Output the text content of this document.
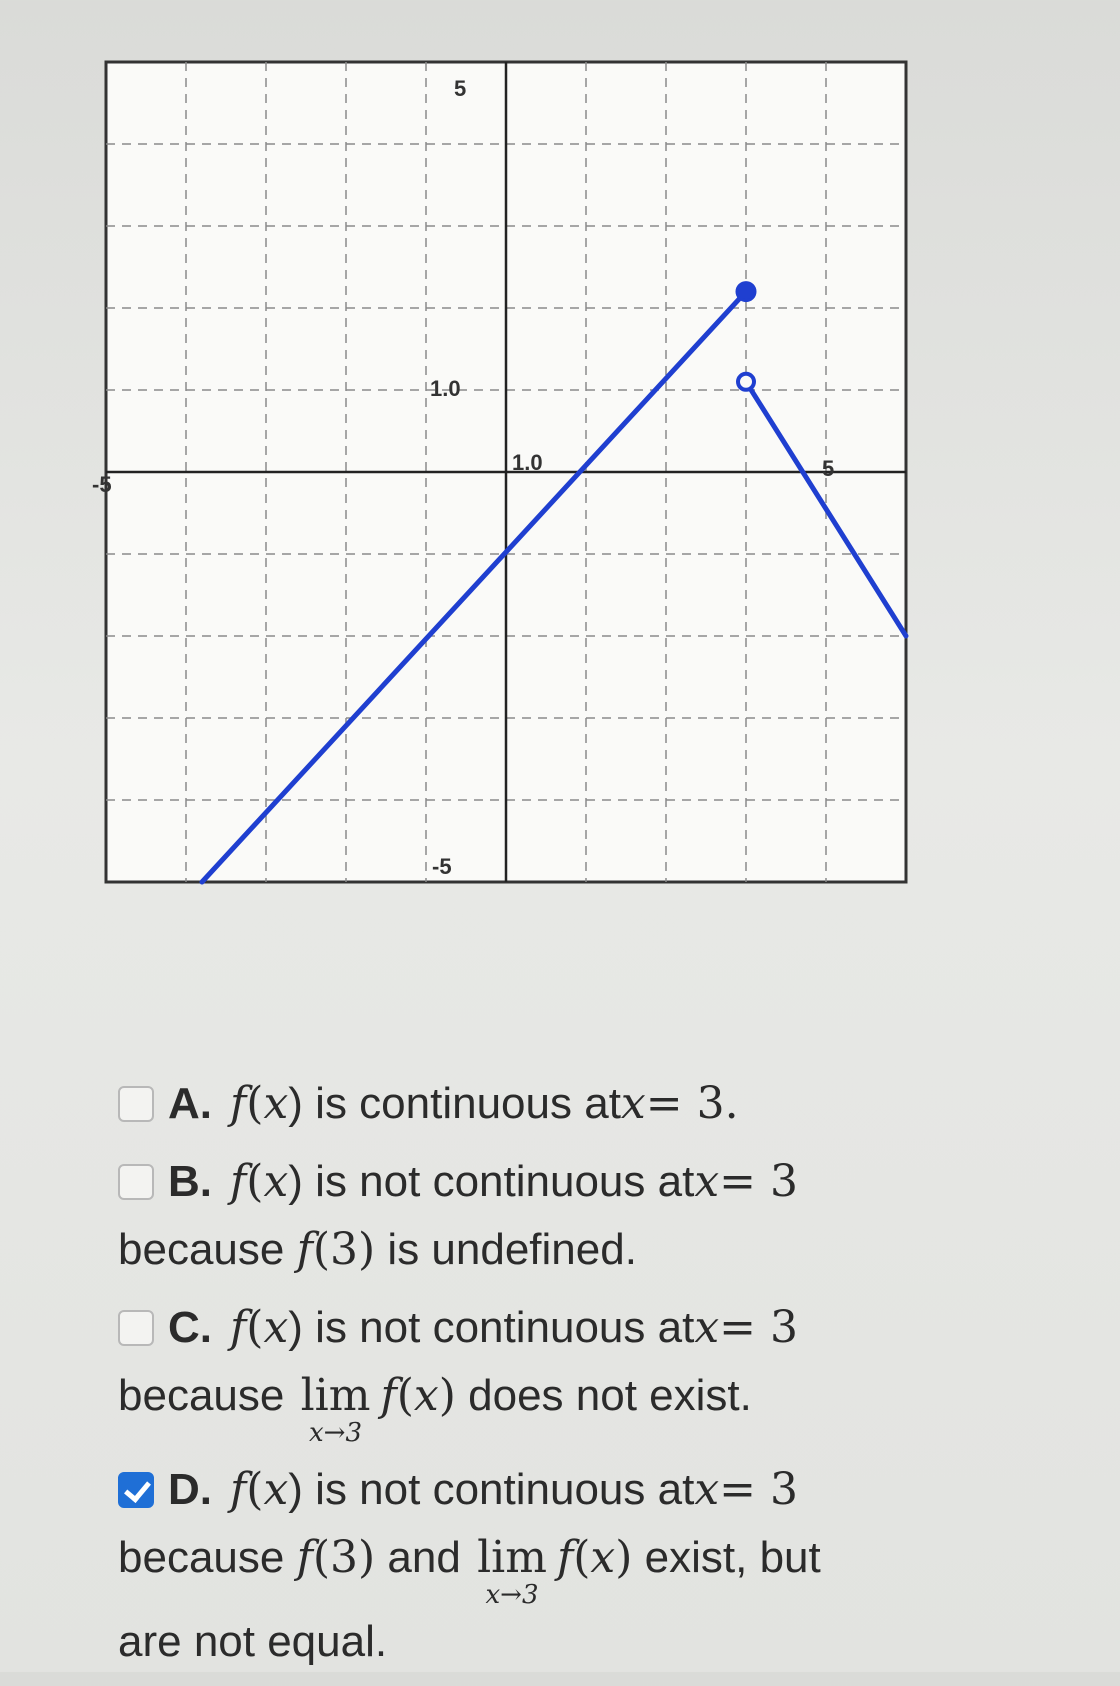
-5
5
5
-5
1.0
1.0
A. f ( x ) is continuous at x = 3.
B. f ( x ) is not continuous at x = 3
because f(3) is undefined.
C. f ( x ) is not continuous at x = 3
because lim
x→3
f(x) does not exist.
D. f ( x ) is not continuous at x = 3
because f(3) and lim
x→3
f(x) exist, but
are not equal.
